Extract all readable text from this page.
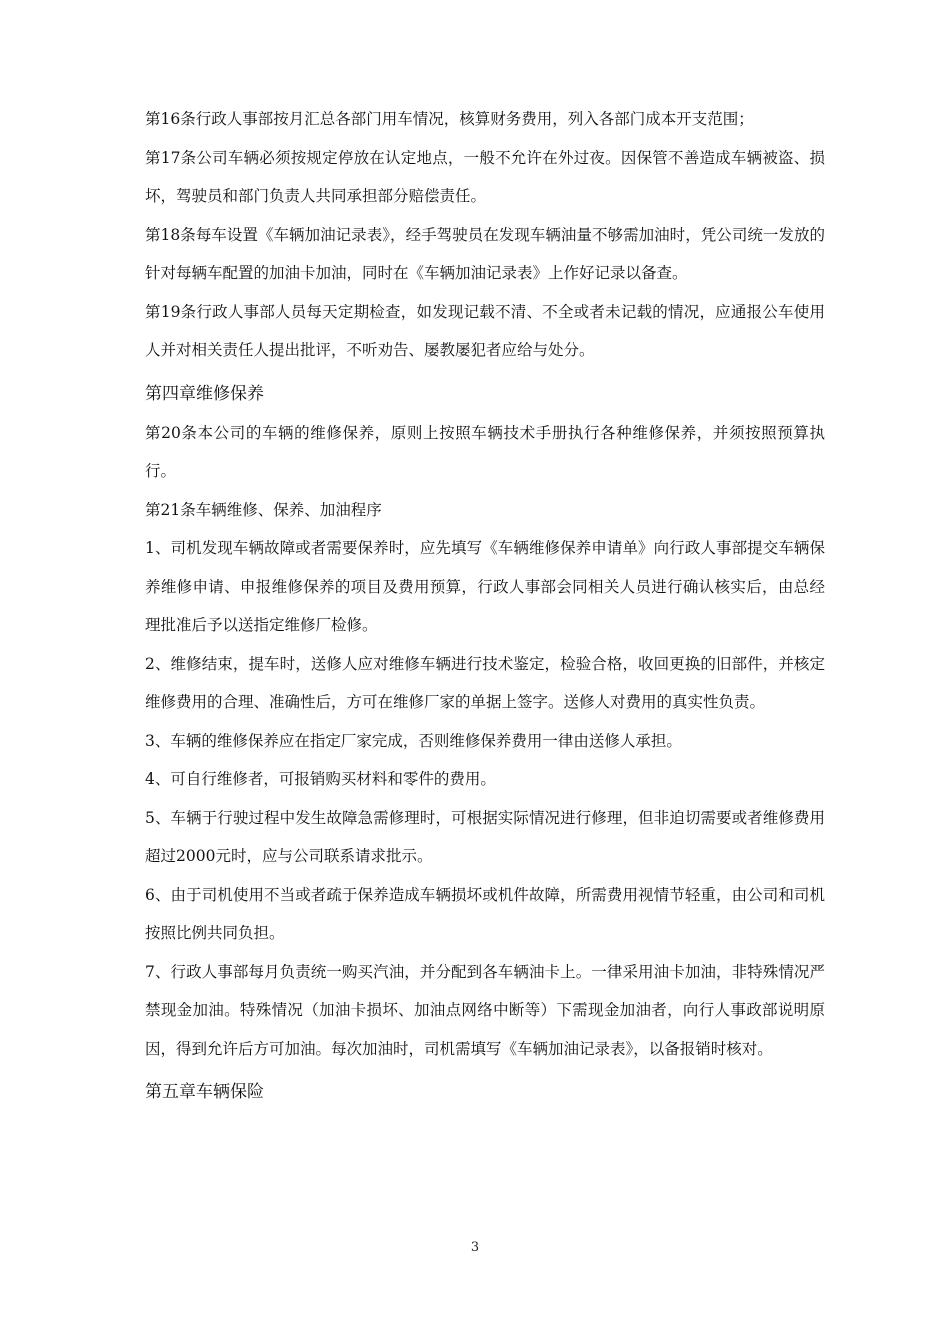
第16条行政人事部按月汇总各部门用车情况，核算财务费用，列入各部门成本开支范围；

第17条公司车辆必须按规定停放在认定地点，一般不允许在外过夜。因保管不善造成车辆被盗、损坏，驾驶员和部门负责人共同承担部分赔偿责任。

第18条每车设置《车辆加油记录表》，经手驾驶员在发现车辆油量不够需加油时，凭公司统一发放的针对每辆车配置的加油卡加油，同时在《车辆加油记录表》上作好记录以备查。

第19条行政人事部人员每天定期检查，如发现记载不清、不全或者未记载的情况，应通报公车使用人并对相关责任人提出批评，不听劝告、屡教屡犯者应给与处分。

第四章维修保养

第20条本公司的车辆的维修保养，原则上按照车辆技术手册执行各种维修保养，并须按照预算执行。

第21条车辆维修、保养、加油程序

1、司机发现车辆故障或者需要保养时，应先填写《车辆维修保养申请单》向行政人事部提交车辆保养维修申请、申报维修保养的项目及费用预算，行政人事部会同相关人员进行确认核实后，由总经理批准后予以送指定维修厂检修。

2、维修结束，提车时，送修人应对维修车辆进行技术鉴定，检验合格，收回更换的旧部件，并核定维修费用的合理、准确性后，方可在维修厂家的单据上签字。送修人对费用的真实性负责。

3、车辆的维修保养应在指定厂家完成，否则维修保养费用一律由送修人承担。

4、可自行维修者，可报销购买材料和零件的费用。

5、车辆于行驶过程中发生故障急需修理时，可根据实际情况进行修理，但非迫切需要或者维修费用超过2000元时，应与公司联系请求批示。

6、由于司机使用不当或者疏于保养造成车辆损坏或机件故障，所需费用视情节轻重，由公司和司机按照比例共同负担。

7、行政人事部每月负责统一购买汽油，并分配到各车辆油卡上。一律采用油卡加油，非特殊情况严禁现金加油。特殊情况（加油卡损坏、加油点网络中断等）下需现金加油者，向行人事政部说明原因，得到允许后方可加油。每次加油时，司机需填写《车辆加油记录表》，以备报销时核对。

第五章车辆保险

3
